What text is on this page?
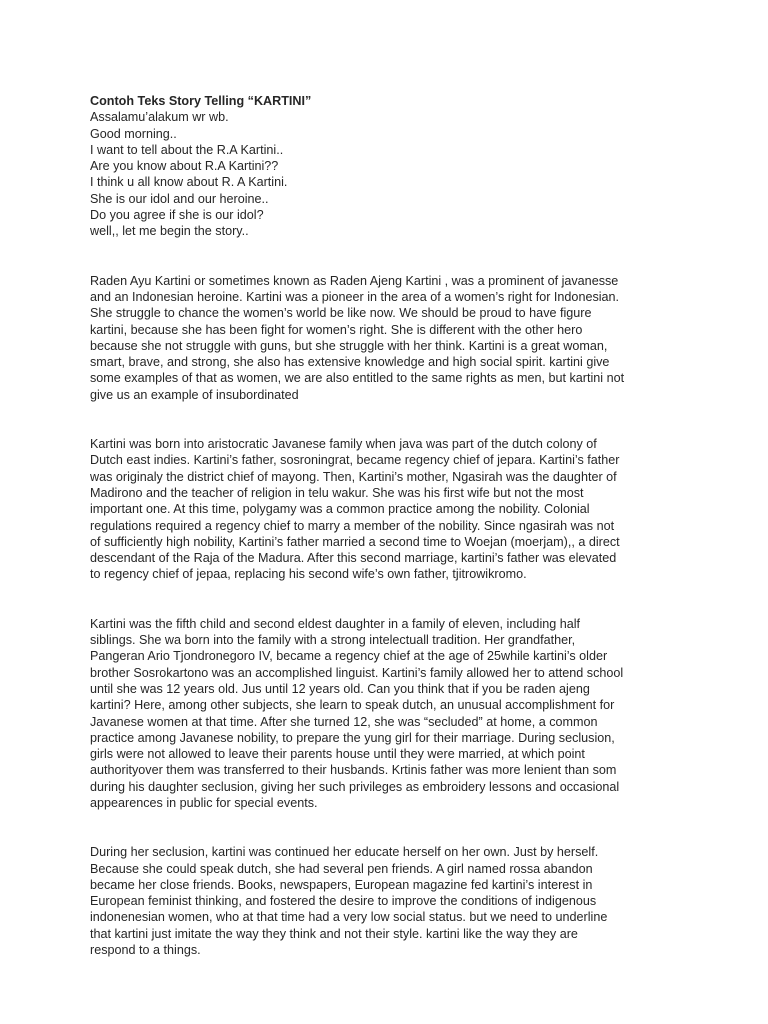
Contoh Teks Story Telling “KARTINI”

Assalamu’alakum wr wb.

Good morning..

I want to tell about the R.A Kartini..

Are you know about R.A Kartini??

I think u all know about R. A Kartini.

She is our idol and our heroine..

Do you agree if she is our idol?

well,, let me begin the story..

Raden Ayu Kartini or sometimes known as Raden Ajeng Kartini , was a prominent of javanesse

and an Indonesian heroine. Kartini was a pioneer in the area of a women’s right for Indonesian.

She struggle to chance the women’s world be like now. We should be proud to have figure

kartini, because she has been fight for women’s right. She is different with the other hero

because she not struggle with guns, but she struggle with her think. Kartini is a great woman,

smart, brave, and strong, she also has extensive knowledge and high social spirit. kartini give

some examples of that as women, we are also entitled to the same rights as men, but kartini not

give us an example of insubordinated

Kartini was born into aristocratic Javanese family when java was part of the dutch colony of

Dutch east indies. Kartini’s father, sosroningrat, became regency chief of jepara. Kartini’s father

was originaly the district chief of mayong. Then, Kartini’s mother, Ngasirah was the daughter of

Madirono and the teacher of religion in telu wakur. She was his first wife but not the most

important one. At this time, polygamy was a common practice among the nobility. Colonial

regulations required a regency chief to marry a member of the nobility. Since ngasirah was not

of sufficiently high nobility, Kartini’s father married a second time to Woejan (moerjam),, a direct

descendant of the Raja of the Madura. After this second marriage, kartini’s father was elevated

to regency chief of jepaa, replacing his second wife’s own father, tjitrowikromo.

Kartini was the fifth child and second eldest daughter in a family of eleven, including half

siblings. She wa born into the family with a strong intelectuall tradition. Her grandfather,

Pangeran Ario Tjondronegoro IV, became a regency chief at the age of 25while kartini’s older

brother Sosrokartono was an accomplished linguist. Kartini’s family allowed her to attend school

until she was 12 years old. Jus until 12 years old. Can you think that if you be raden ajeng

kartini? Here, among other subjects, she learn to speak dutch, an unusual accomplishment for

Javanese women at that time. After she turned 12, she was “secluded” at home, a common

practice among Javanese nobility, to prepare the yung girl for their marriage. During seclusion,

girls were not allowed to leave their parents house until they were married, at which point

authorityover them was transferred to their husbands. Krtinis father was more lenient than som

during his daughter seclusion, giving her such privileges as embroidery lessons and occasional

appearences in public for special events.

During her seclusion, kartini was continued her educate herself on her own. Just by herself.

Because she could speak dutch, she had several pen friends. A girl named rossa abandon

became her close friends. Books, newspapers, European magazine fed kartini’s interest in

European feminist thinking, and fostered the desire to improve the conditions of indigenous

indonenesian women, who at that time had a very low social status. but we need to underline

that kartini just imitate the way they think and not their style. kartini like the way they are

respond to a things.
